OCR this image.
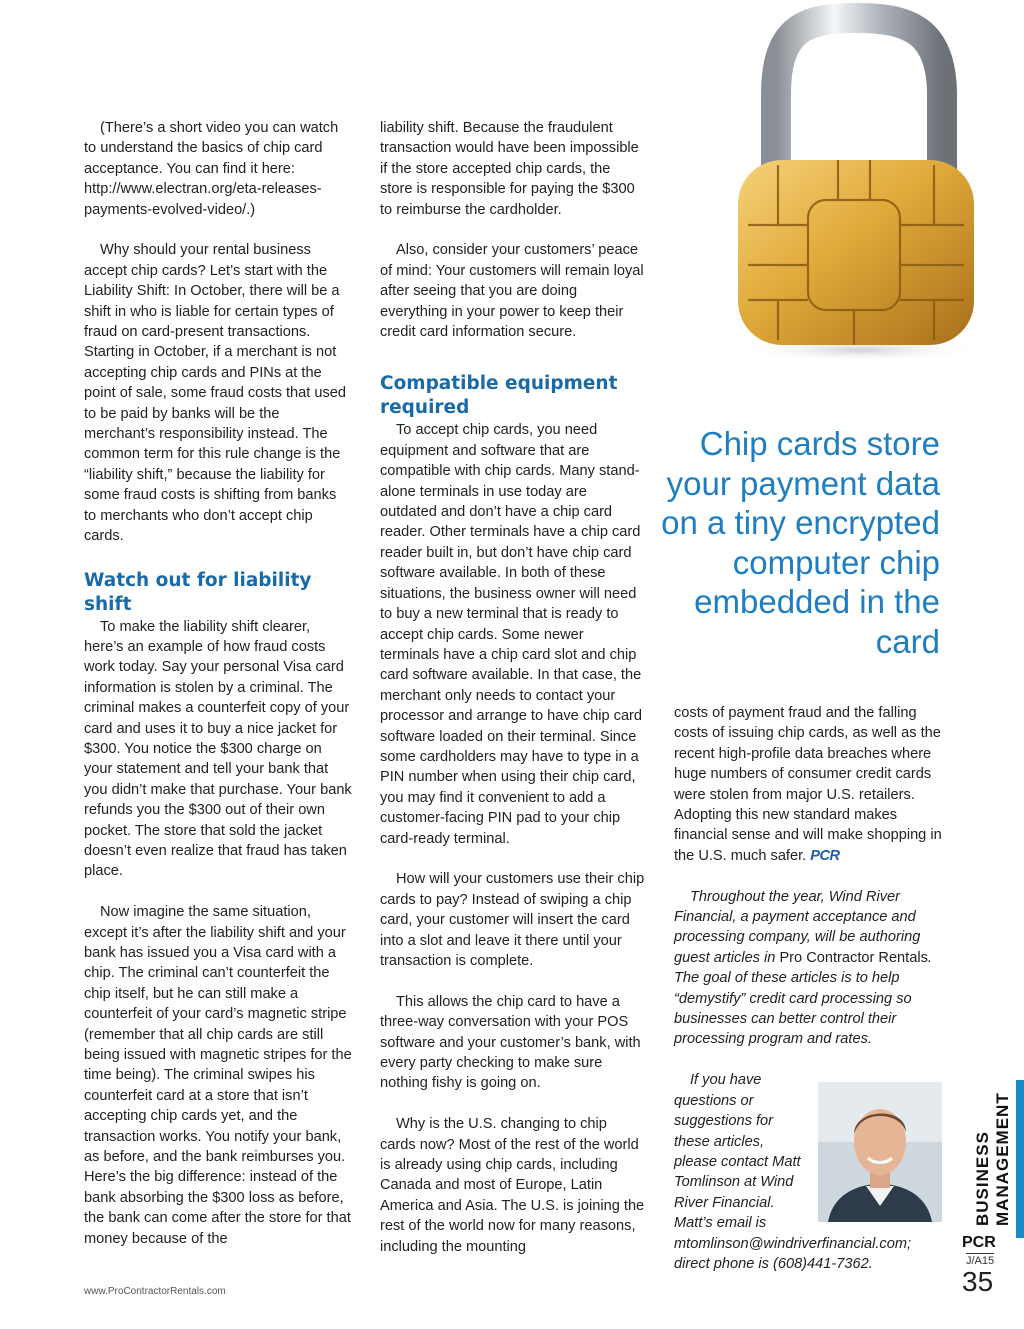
(There’s a short video you can watch to understand the basics of chip card acceptance. You can find it here: http://www.electran.org/eta-releases-payments-evolved-video/.)

Why should your rental business accept chip cards? Let’s start with the Liability Shift: In October, there will be a shift in who is liable for certain types of fraud on card-present transactions. Starting in October, if a merchant is not accepting chip cards and PINs at the point of sale, some fraud costs that used to be paid by banks will be the merchant’s responsibility instead. The common term for this rule change is the “liability shift,” because the liability for some fraud costs is shifting from banks to merchants who don’t accept chip cards.

Watch out for liability shift

To make the liability shift clearer, here’s an example of how fraud costs work today. Say your personal Visa card information is stolen by a criminal. The criminal makes a counterfeit copy of your card and uses it to buy a nice jacket for $300. You notice the $300 charge on your statement and tell your bank that you didn’t make that purchase. Your bank refunds you the $300 out of their own pocket. The store that sold the jacket doesn’t even realize that fraud has taken place.

Now imagine the same situation, except it’s after the liability shift and your bank has issued you a Visa card with a chip. The criminal can’t counterfeit the chip itself, but he can still make a counterfeit of your card’s magnetic stripe (remember that all chip cards are still being issued with magnetic stripes for the time being). The criminal swipes his counterfeit card at a store that isn’t accepting chip cards yet, and the transaction works. You notify your bank, as before, and the bank reimburses you. Here’s the big difference: instead of the bank absorbing the $300 loss as before, the bank can come after the store for that money because of the

liability shift. Because the fraudulent transaction would have been impossible if the store accepted chip cards, the store is responsible for paying the $300 to reimburse the cardholder.

Also, consider your customers’ peace of mind: Your customers will remain loyal after seeing that you are doing everything in your power to keep their credit card information secure.

Compatible equipment required

To accept chip cards, you need equipment and software that are compatible with chip cards. Many stand-alone terminals in use today are outdated and don’t have a chip card reader. Other terminals have a chip card reader built in, but don’t have chip card software available. In both of these situations, the business owner will need to buy a new terminal that is ready to accept chip cards. Some newer terminals have a chip card slot and chip card software available. In that case, the merchant only needs to contact your processor and arrange to have chip card software loaded on their terminal. Since some cardholders may have to type in a PIN number when using their chip card, you may find it convenient to add a customer-facing PIN pad to your chip card-ready terminal.

How will your customers use their chip cards to pay? Instead of swiping a chip card, your customer will insert the card into a slot and leave it there until your transaction is complete.

This allows the chip card to have a three-way conversation with your POS software and your customer’s bank, with every party checking to make sure nothing fishy is going on.

Why is the U.S. changing to chip cards now? Most of the rest of the world is already using chip cards, including Canada and most of Europe, Latin America and Asia. The U.S. is joining the rest of the world now for many reasons, including the mounting

Chip cards store your payment data on a tiny encrypted computer chip embedded in the card

costs of payment fraud and the falling costs of issuing chip cards, as well as the recent high-profile data breaches where huge numbers of consumer credit cards were stolen from major U.S. retailers. Adopting this new standard makes financial sense and will make shopping in the U.S. much safer. PCR

Throughout the year, Wind River Financial, a payment acceptance and processing company, will be authoring guest articles in Pro Contractor Rentals. The goal of these articles is to help “demystify” credit card processing so businesses can better control their processing program and rates.

If you have questions or suggestions for these articles, please contact Matt Tomlinson at Wind River Financial. Matt’s email is mtomlinson@windriverfinancial.com; direct phone is (608)441-7362.

BUSINESS MANAGEMENT
PCR
J/A15
35
www.ProContractorRentals.com
